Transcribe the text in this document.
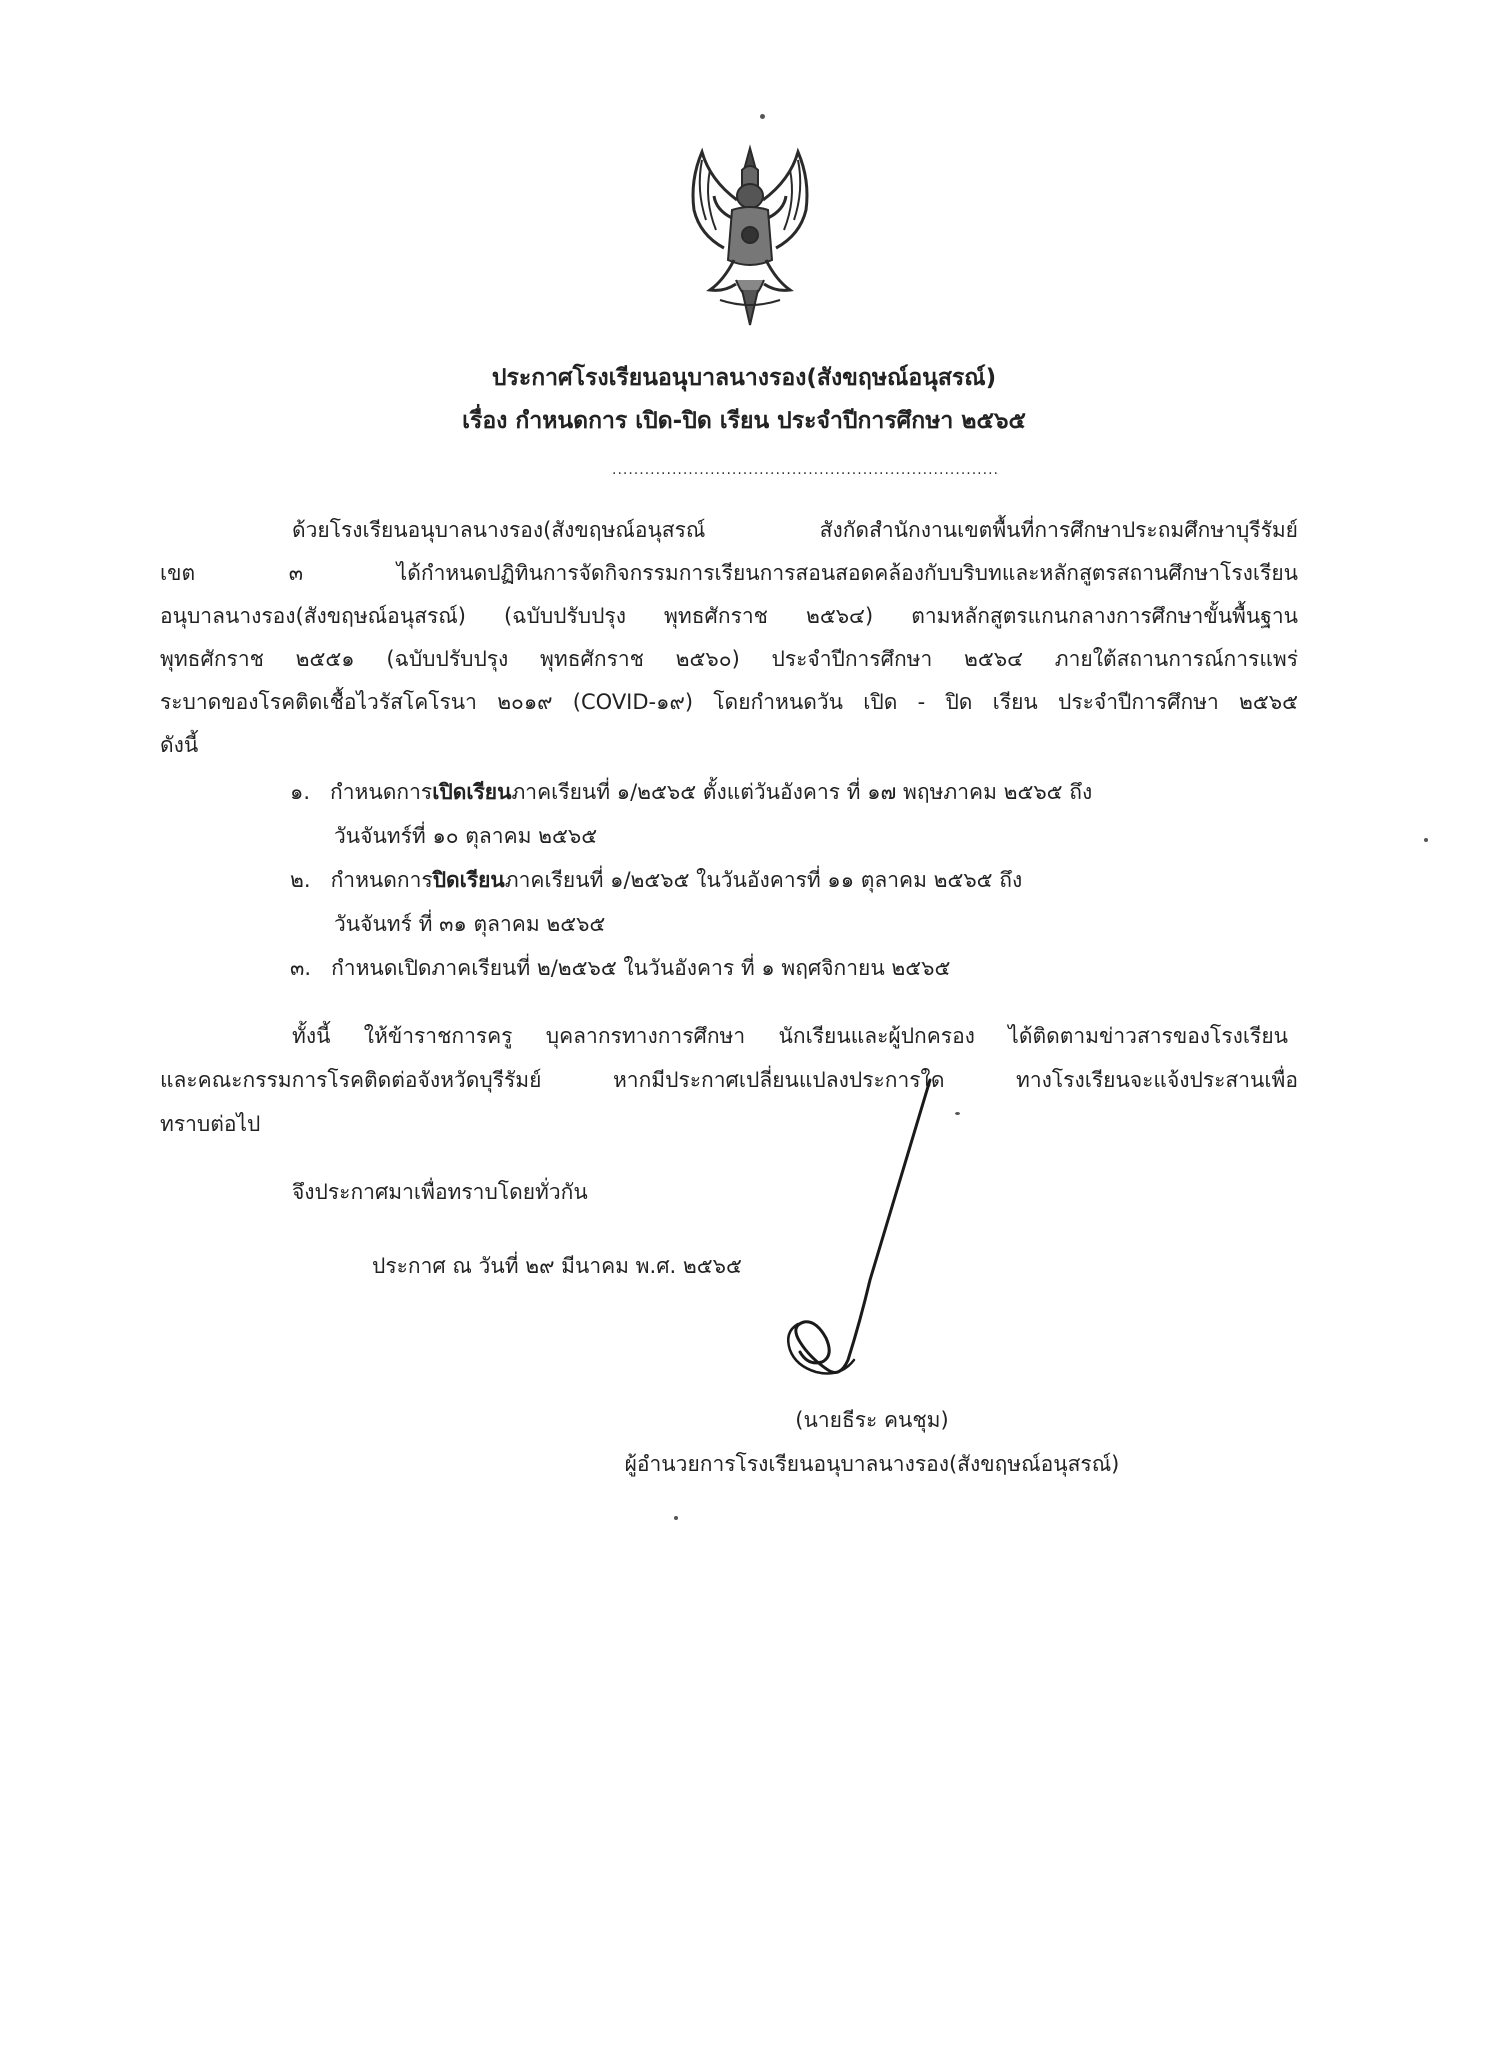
ประกาศโรงเรียนอนุบาลนางรอง(สังขฤษณ์อนุสรณ์)
เรื่อง กำหนดการ เปิด-ปิด เรียน ประจำปีการศึกษา ๒๕๖๕
.......................................................................
ด้วยโรงเรียนอนุบาลนางรอง(สังขฤษณ์อนุสรณ์ สังกัดสำนักงานเขตพื้นที่การศึกษาประถมศึกษาบุรีรัมย์
เขต ๓ ได้กำหนดปฏิทินการจัดกิจกรรมการเรียนการสอนสอดคล้องกับบริบทและหลักสูตรสถานศึกษาโรงเรียน
อนุบาลนางรอง(สังขฤษณ์อนุสรณ์) (ฉบับปรับปรุง พุทธศักราช ๒๕๖๔) ตามหลักสูตรแกนกลางการศึกษาขั้นพื้นฐาน
พุทธศักราช ๒๕๕๑ (ฉบับปรับปรุง พุทธศักราช ๒๕๖๐) ประจำปีการศึกษา ๒๕๖๔ ภายใต้สถานการณ์การแพร่
ระบาดของโรคติดเชื้อไวรัสโคโรนา ๒๐๑๙ (COVID-๑๙) โดยกำหนดวัน เปิด - ปิด เรียน ประจำปีการศึกษา ๒๕๖๕
ดังนี้
๑. กำหนดการเปิดเรียนภาคเรียนที่ ๑/๒๕๖๕ ตั้งแต่วันอังคาร ที่ ๑๗ พฤษภาคม ๒๕๖๕ ถึง
วันจันทร์ที่ ๑๐ ตุลาคม ๒๕๖๕
๒. กำหนดการปิดเรียนภาคเรียนที่ ๑/๒๕๖๕ ในวันอังคารที่ ๑๑ ตุลาคม ๒๕๖๕ ถึง
วันจันทร์ ที่ ๓๑ ตุลาคม ๒๕๖๕
๓. กำหนดเปิดภาคเรียนที่ ๒/๒๕๖๕ ในวันอังคาร ที่ ๑ พฤศจิกายน ๒๕๖๕
ทั้งนี้ ให้ข้าราชการครู บุคลากรทางการศึกษา นักเรียนและผู้ปกครอง ได้ติดตามข่าวสารของโรงเรียน
และคณะกรรมการโรคติดต่อจังหวัดบุรีรัมย์ หากมีประกาศเปลี่ยนแปลงประการใด ทางโรงเรียนจะแจ้งประสานเพื่อ
ทราบต่อไป
จึงประกาศมาเพื่อทราบโดยทั่วกัน
ประกาศ ณ วันที่ ๒๙ มีนาคม พ.ศ. ๒๕๖๕
(นายธีระ คนชุม)
ผู้อำนวยการโรงเรียนอนุบาลนางรอง(สังขฤษณ์อนุสรณ์)
